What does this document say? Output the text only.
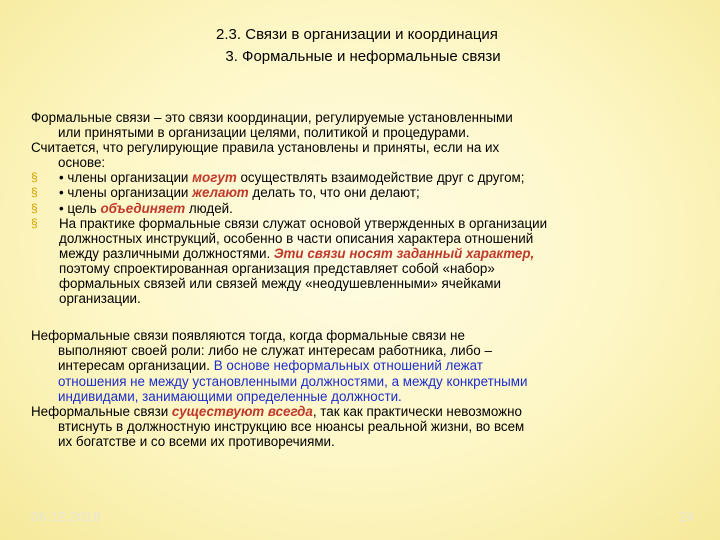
2.3. Связи в организации и координация
3. Формальные и неформальные связи

Формальные связи – это связи координации, регулируемые установленными
или принятыми в организации целями, политикой и процедурами.

Считается, что регулирующие правила установлены и приняты, если на их
основе:

§ • члены организации могут осуществлять взаимодействие друг с другом;
§ • члены организации желают делать то, что они делают;
§ • цель объединяет людей.
§ На практике формальные связи служат основой утвержденных в организации
должностных инструкций, особенно в части описания характера отношений
между различными должностями. Эти связи носят заданный характер,
поэтому спроектированная организация представляет собой «набор»
формальных связей или связей между «неодушевленными» ячейками
организации.

Неформальные связи появляются тогда, когда формальные связи не
выполняют своей роли: либо не служат интересам работника, либо –
интересам организации. В основе неформальных отношений лежат
отношения не между установленными должностями, а между конкретными
индивидами, занимающими определенные должности.

Неформальные связи существуют всегда, так как практически невозможно
втиснуть в должностную инструкцию все нюансы реальной жизни, во всем
их богатстве и со всеми их противоречиями.

06.12.2018	24
